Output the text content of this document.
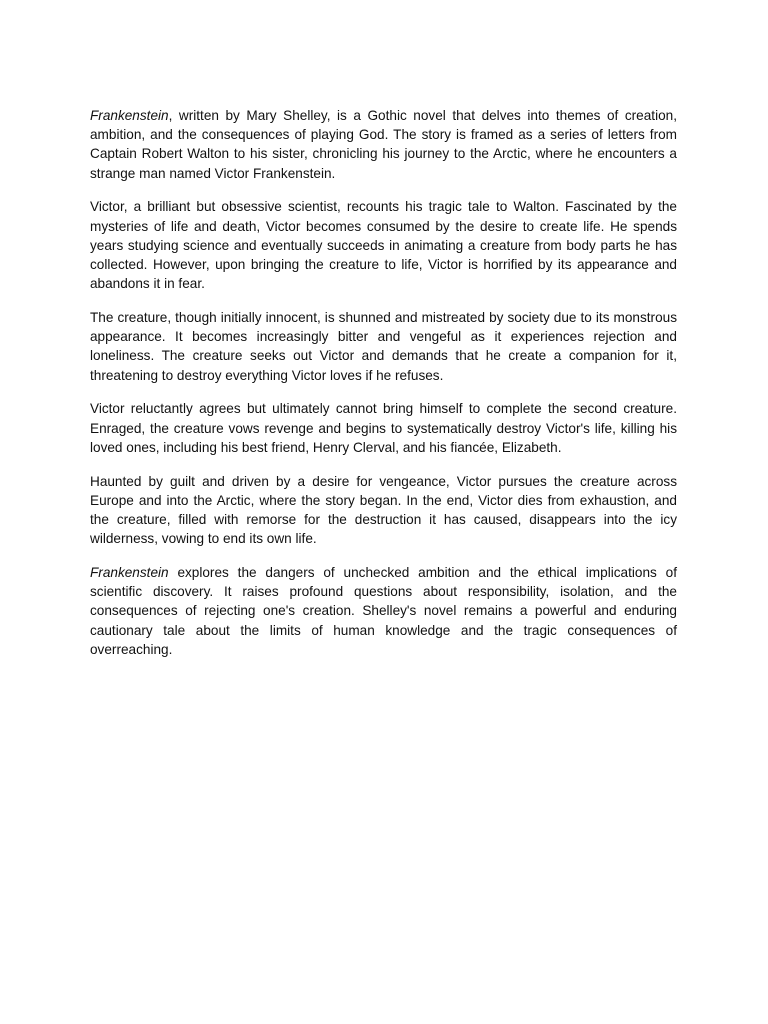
Frankenstein, written by Mary Shelley, is a Gothic novel that delves into themes of creation, ambition, and the consequences of playing God. The story is framed as a series of letters from Captain Robert Walton to his sister, chronicling his journey to the Arctic, where he encounters a strange man named Victor Frankenstein.

Victor, a brilliant but obsessive scientist, recounts his tragic tale to Walton. Fascinated by the mysteries of life and death, Victor becomes consumed by the desire to create life. He spends years studying science and eventually succeeds in animating a creature from body parts he has collected. However, upon bringing the creature to life, Victor is horrified by its appearance and abandons it in fear.

The creature, though initially innocent, is shunned and mistreated by society due to its monstrous appearance. It becomes increasingly bitter and vengeful as it experiences rejection and loneliness. The creature seeks out Victor and demands that he create a companion for it, threatening to destroy everything Victor loves if he refuses.

Victor reluctantly agrees but ultimately cannot bring himself to complete the second creature. Enraged, the creature vows revenge and begins to systematically destroy Victor's life, killing his loved ones, including his best friend, Henry Clerval, and his fiancée, Elizabeth.

Haunted by guilt and driven by a desire for vengeance, Victor pursues the creature across Europe and into the Arctic, where the story began. In the end, Victor dies from exhaustion, and the creature, filled with remorse for the destruction it has caused, disappears into the icy wilderness, vowing to end its own life.

Frankenstein explores the dangers of unchecked ambition and the ethical implications of scientific discovery. It raises profound questions about responsibility, isolation, and the consequences of rejecting one's creation. Shelley's novel remains a powerful and enduring cautionary tale about the limits of human knowledge and the tragic consequences of overreaching.
